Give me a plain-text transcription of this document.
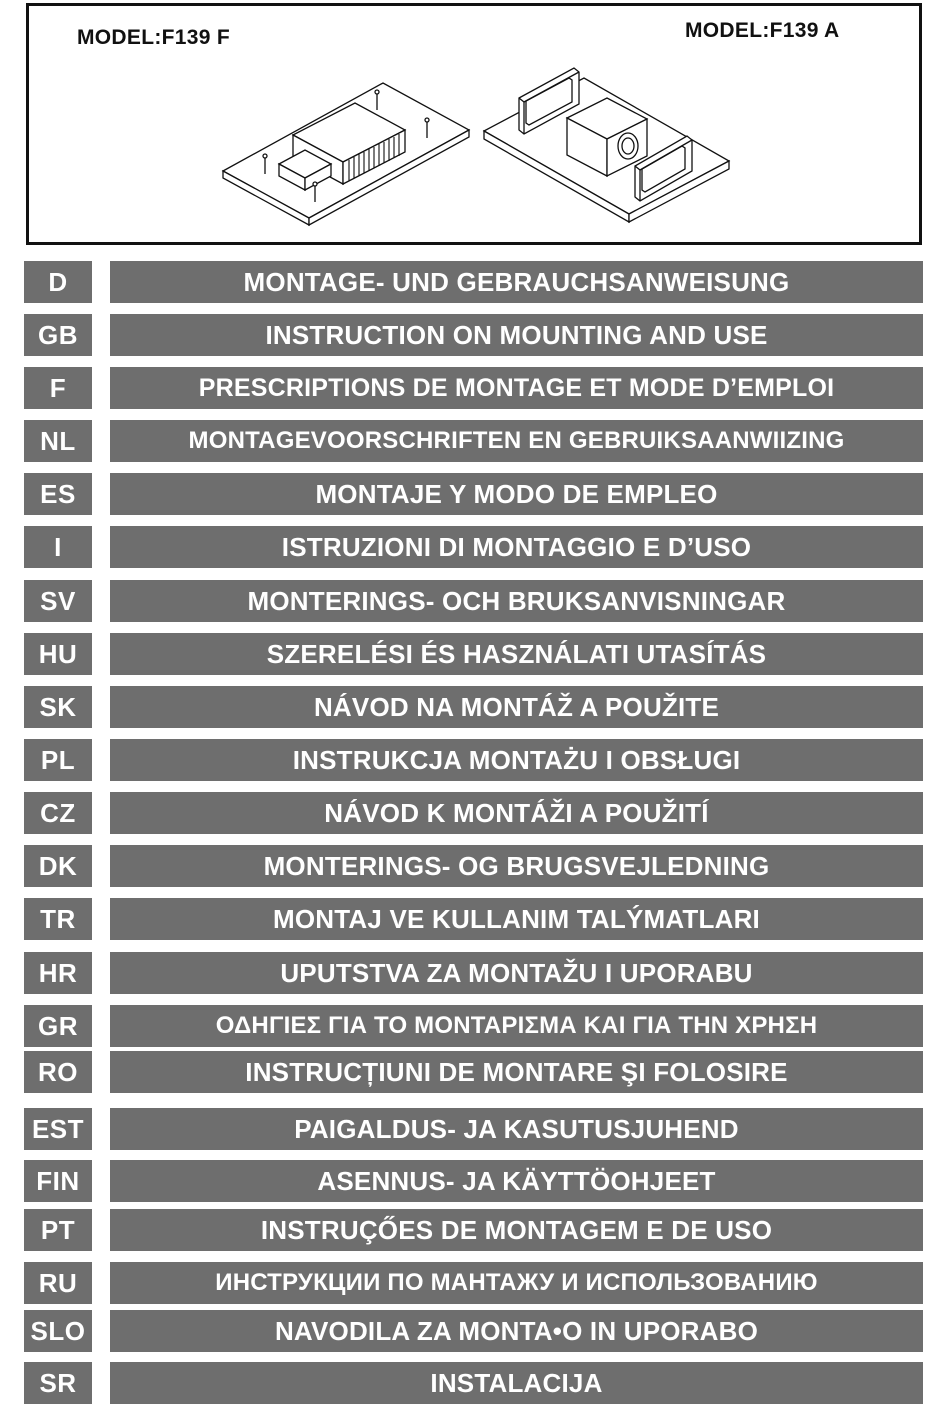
MODEL:F139 F	MODEL:F139 A
D	MONTAGE- UND GEBRAUCHSANWEISUNG
GB	INSTRUCTION ON MOUNTING AND USE
F	PRESCRIPTIONS DE MONTAGE ET MODE D’EMPLOI
NL	MONTAGEVOORSCHRIFTEN EN GEBRUIKSAANWIIZING
ES	MONTAJE Y MODO DE EMPLEO
I	ISTRUZIONI DI MONTAGGIO E D’USO
SV	MONTERINGS- OCH BRUKSANVISNINGAR
HU	SZERELÉSI ÉS HASZNÁLATI UTASÍTÁS
SK	NÁVOD NA MONTÁŽ A POUŽITE
PL	INSTRUKCJA MONTAŻU I OBSŁUGI
CZ	NÁVOD K MONTÁŽI A POUŽITÍ
DK	MONTERINGS- OG BRUGSVEJLEDNING
TR	MONTAJ VE KULLANIM TALÝMATLARI
HR	UPUTSTVA ZA MONTAŽU I UPORABU
GR	ΟΔΗΓΙΕΣ ΓΙΑ ΤΟ ΜΟΝΤΑΡΙΣΜΑ ΚΑΙ ΓΙΑ ΤΗΝ ΧΡΗΣΗ
RO	INSTRUCȚIUNI DE MONTARE ŞI FOLOSIRE
EST	PAIGALDUS- JA KASUTUSJUHEND
FIN	ASENNUS- JA KÄYTTÖOHJEET
PT	INSTRUÇŐES DE MONTAGEM E DE USO
RU	ИНСТРУКЦИИ ПО МАНТАЖУ И ИСПОЛЬЗОВАНИЮ
SLO	NAVODILA ZA MONTA•O IN UPORABO
SR	INSTALACIJA
